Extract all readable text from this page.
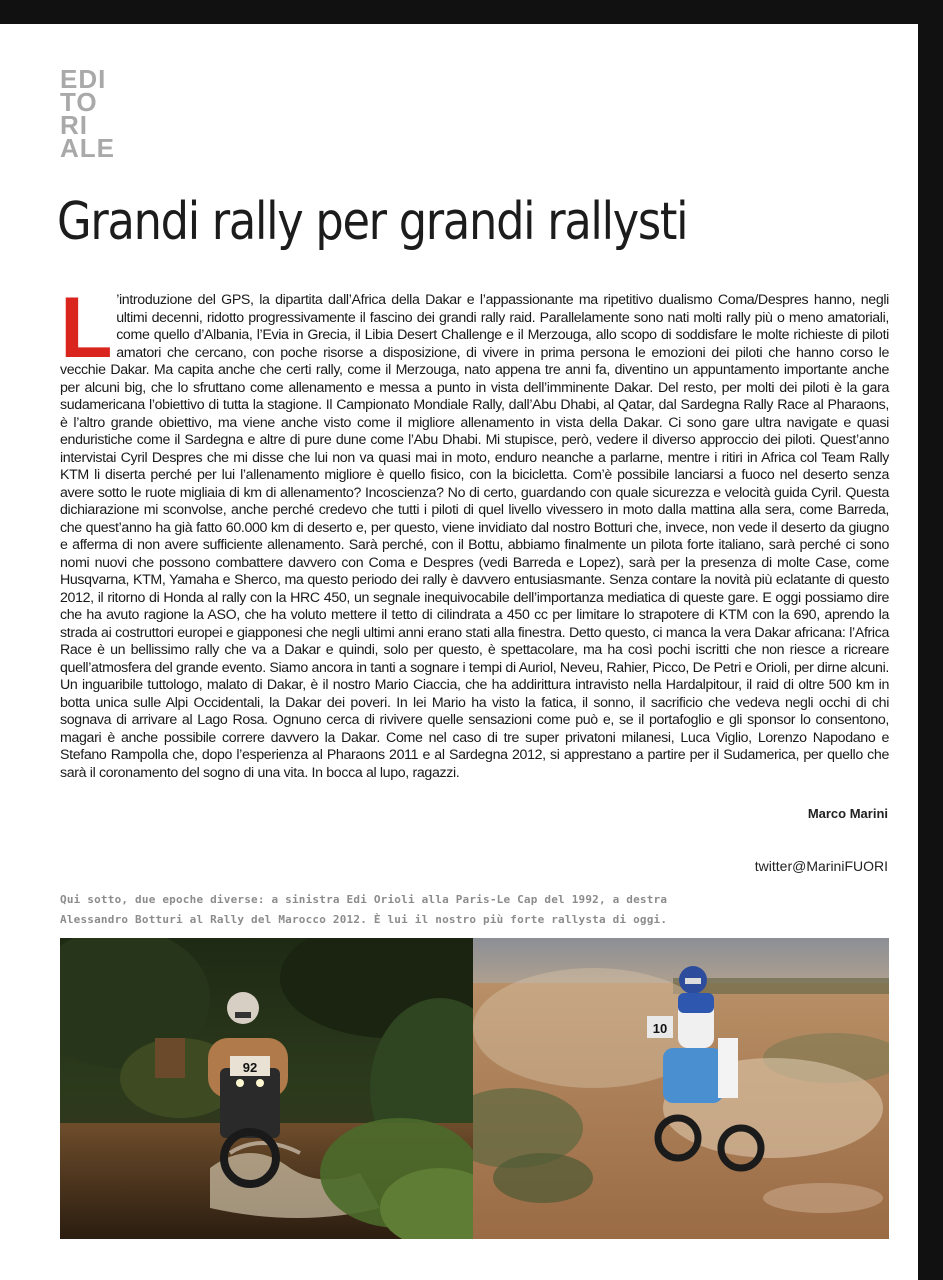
EDI
TO
RI
ALE
Grandi rally per grandi rallysti

L ’introduzione del GPS, la dipartita dall’Africa della Dakar e l’appassionante ma ripetitivo dualismo Coma/Despres hanno, negli ultimi decenni, ridotto progressivamente il fascino dei grandi rally raid. Parallelamente sono nati molti rally più o meno amatoriali, come quello d’Albania, l’Evia in Grecia, il Libia Desert Challenge e il Merzouga, allo scopo di soddisfare le molte richieste di piloti amatori che cercano, con poche risorse a disposizione, di vivere in prima persona le emozioni dei piloti che hanno corso le vecchie Dakar. Ma capita anche che certi rally, come il Merzouga, nato appena tre anni fa, diventino un appuntamento importante anche per alcuni big, che lo sfruttano come allenamento e messa a punto in vista dell’imminente Dakar. Del resto, per molti dei piloti è la gara sudamericana l’obiettivo di tutta la stagione. Il Campionato Mondiale Rally, dall’Abu Dhabi, al Qatar, dal Sardegna Rally Race al Pharaons, è l’altro grande obiettivo, ma viene anche visto come il migliore allenamento in vista della Dakar. Ci sono gare ultra navigate e quasi enduristiche come il Sardegna e altre di pure dune come l’Abu Dhabi. Mi stupisce, però, vedere il diverso approccio dei piloti. Quest’anno intervistai Cyril Despres che mi disse che lui non va quasi mai in moto, enduro neanche a parlarne, mentre i ritiri in Africa col Team Rally KTM li diserta perché per lui l’allenamento migliore è quello fisico, con la bicicletta. Com’è possibile lanciarsi a fuoco nel deserto senza avere sotto le ruote migliaia di km di allenamento? Incoscienza? No di certo, guardando con quale sicurezza e velocità guida Cyril. Questa dichiarazione mi sconvolse, anche perché credevo che tutti i piloti di quel livello vivessero in moto dalla mattina alla sera, come Barreda, che quest’anno ha già fatto 60.000 km di deserto e, per questo, viene invidiato dal nostro Botturi che, invece, non vede il deserto da giugno e afferma di non avere sufficiente allenamento. Sarà perché, con il Bottu, abbiamo finalmente un pilota forte italiano, sarà perché ci sono nomi nuovi che possono combattere davvero con Coma e Despres (vedi Barreda e Lopez), sarà per la presenza di molte Case, come Husqvarna, KTM, Yamaha e Sherco, ma questo periodo dei rally è davvero entusiasmante. Senza contare la novità più eclatante di questo 2012, il ritorno di Honda al rally con la HRC 450, un segnale inequivocabile dell’importanza mediatica di queste gare. E oggi possiamo dire che ha avuto ragione la ASO, che ha voluto mettere il tetto di cilindrata a 450 cc per limitare lo strapotere di KTM con la 690, aprendo la strada ai costruttori europei e giapponesi che negli ultimi anni erano stati alla finestra. Detto questo, ci manca la vera Dakar africana: l’Africa Race è un bellissimo rally che va a Dakar e quindi, solo per questo, è spettacolare, ma ha così pochi iscritti che non riesce a ricreare quell’atmosfera del grande evento. Siamo ancora in tanti a sognare i tempi di Auriol, Neveu, Rahier, Picco, De Petri e Orioli, per dirne alcuni. Un inguaribile tuttologo, malato di Dakar, è il nostro Mario Ciaccia, che ha addirittura intravisto nella Hardalpitour, il raid di oltre 500 km in botta unica sulle Alpi Occidentali, la Dakar dei poveri. In lei Mario ha visto la fatica, il sonno, il sacrificio che vedeva negli occhi di chi sognava di arrivare al Lago Rosa. Ognuno cerca di rivivere quelle sensazioni come può e, se il portafoglio e gli sponsor lo consentono, magari è anche possibile correre davvero la Dakar. Come nel caso di tre super privatoni milanesi, Luca Viglio, Lorenzo Napodano e Stefano Rampolla che, dopo l’esperienza al Pharaons 2011 e al Sardegna 2012, si apprestano a partire per il Sudamerica, per quello che sarà il coronamento del sogno di una vita. In bocca al lupo, ragazzi.

Marco Marini
twitter@MariniFUORI

Qui sotto, due epoche diverse: a sinistra Edi Orioli alla Paris-Le Cap del 1992, a destra
Alessandro Botturi al Rally del Marocco 2012. È lui il nostro più forte rallysta di oggi.

92
10
